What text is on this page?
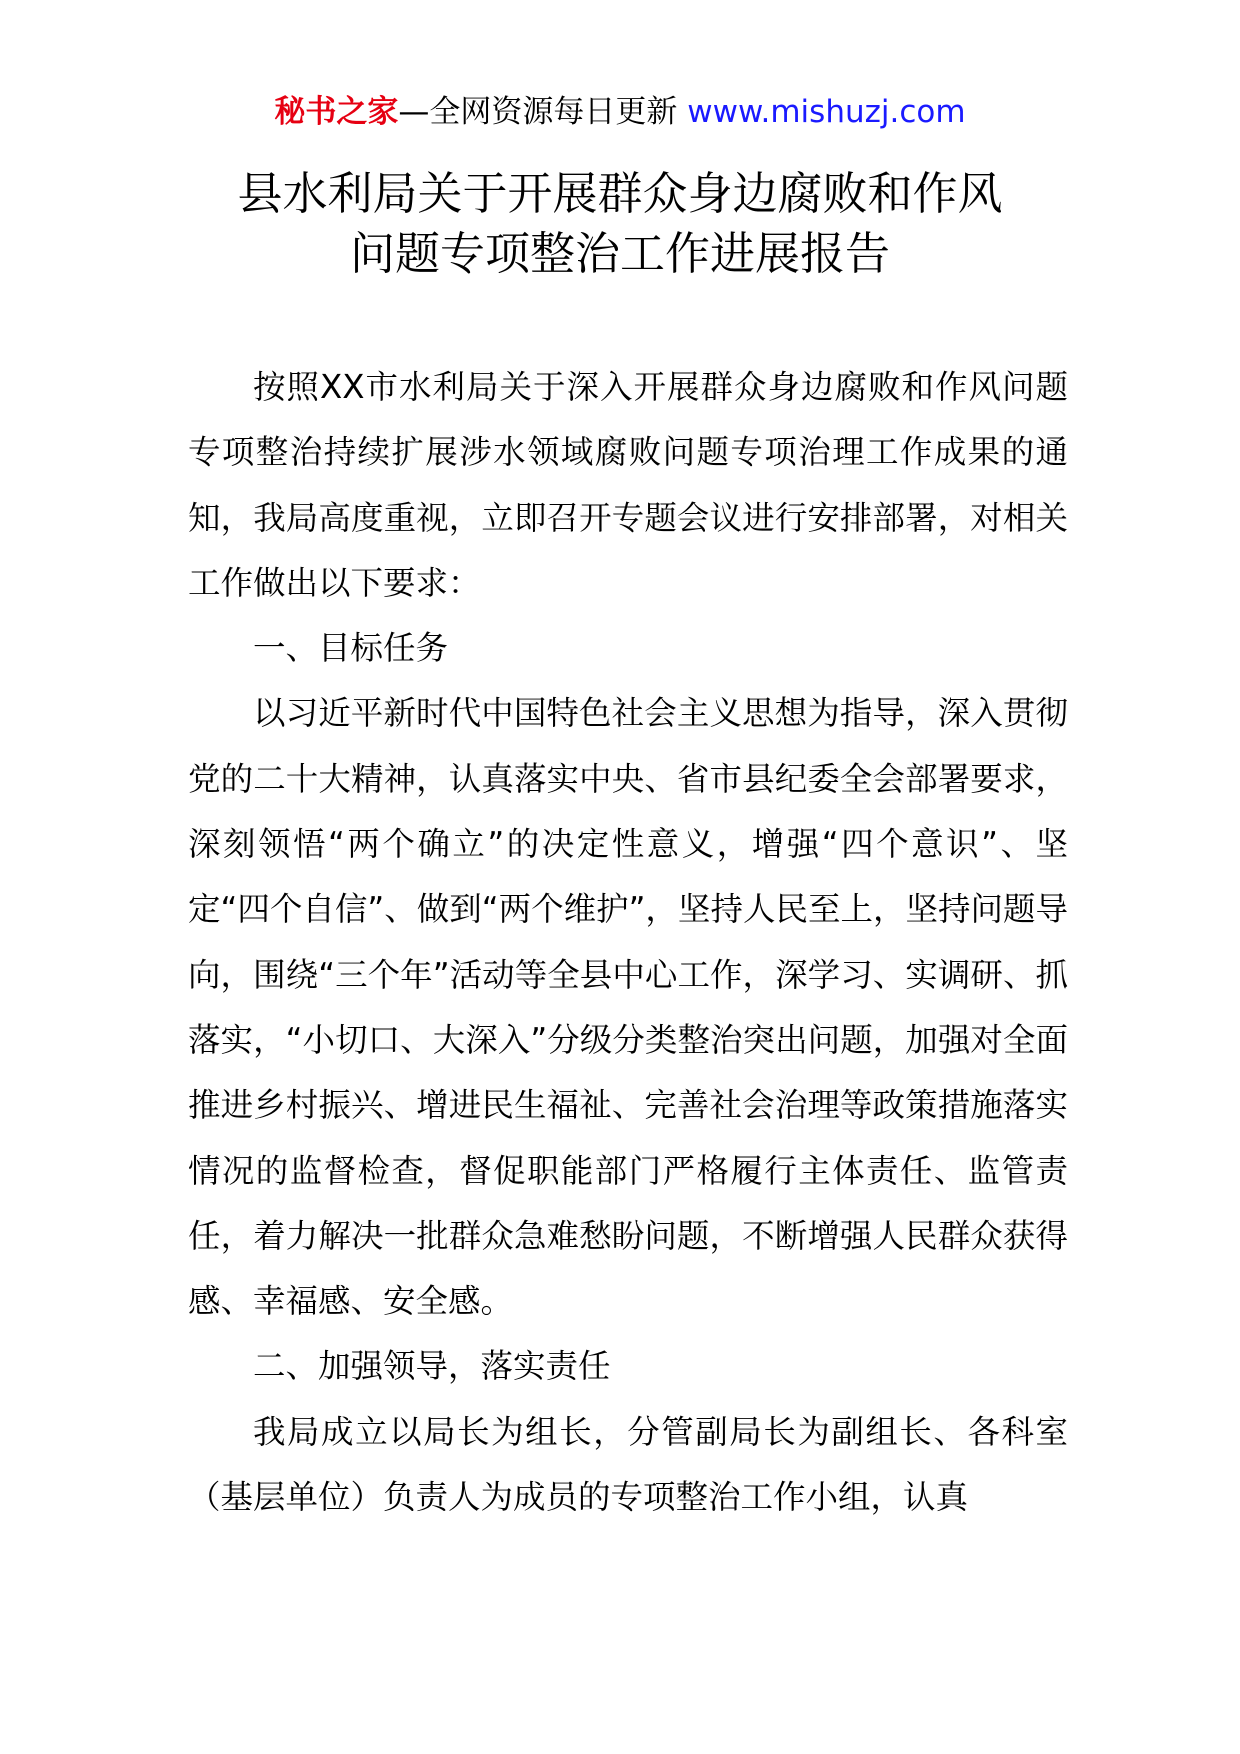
秘书之家—全网资源每日更新 www.mishuzj.com
县水利局关于开展群众身边腐败和作风
问题专项整治工作进展报告

按照XX市水利局关于深入开展群众身边腐败和作风问题专项整治持续扩展涉水领域腐败问题专项治理工作成果的通知，我局高度重视，立即召开专题会议进行安排部署，对相关工作做出以下要求：

一、目标任务

以习近平新时代中国特色社会主义思想为指导，深入贯彻党的二十大精神，认真落实中央、省市县纪委全会部署要求，深刻领悟“两个确立”的决定性意义，增强“四个意识”、坚定“四个自信”、做到“两个维护”，坚持人民至上，坚持问题导向，围绕“三个年”活动等全县中心工作，深学习、实调研、抓落实，“小切口、大深入”分级分类整治突出问题，加强对全面推进乡村振兴、增进民生福祉、完善社会治理等政策措施落实情况的监督检查，督促职能部门严格履行主体责任、监管责任，着力解决一批群众急难愁盼问题，不断增强人民群众获得感、幸福感、安全感。

二、加强领导，落实责任

我局成立以局长为组长，分管副局长为副组长、各科室（基层单位）负责人为成员的专项整治工作小组，认真
